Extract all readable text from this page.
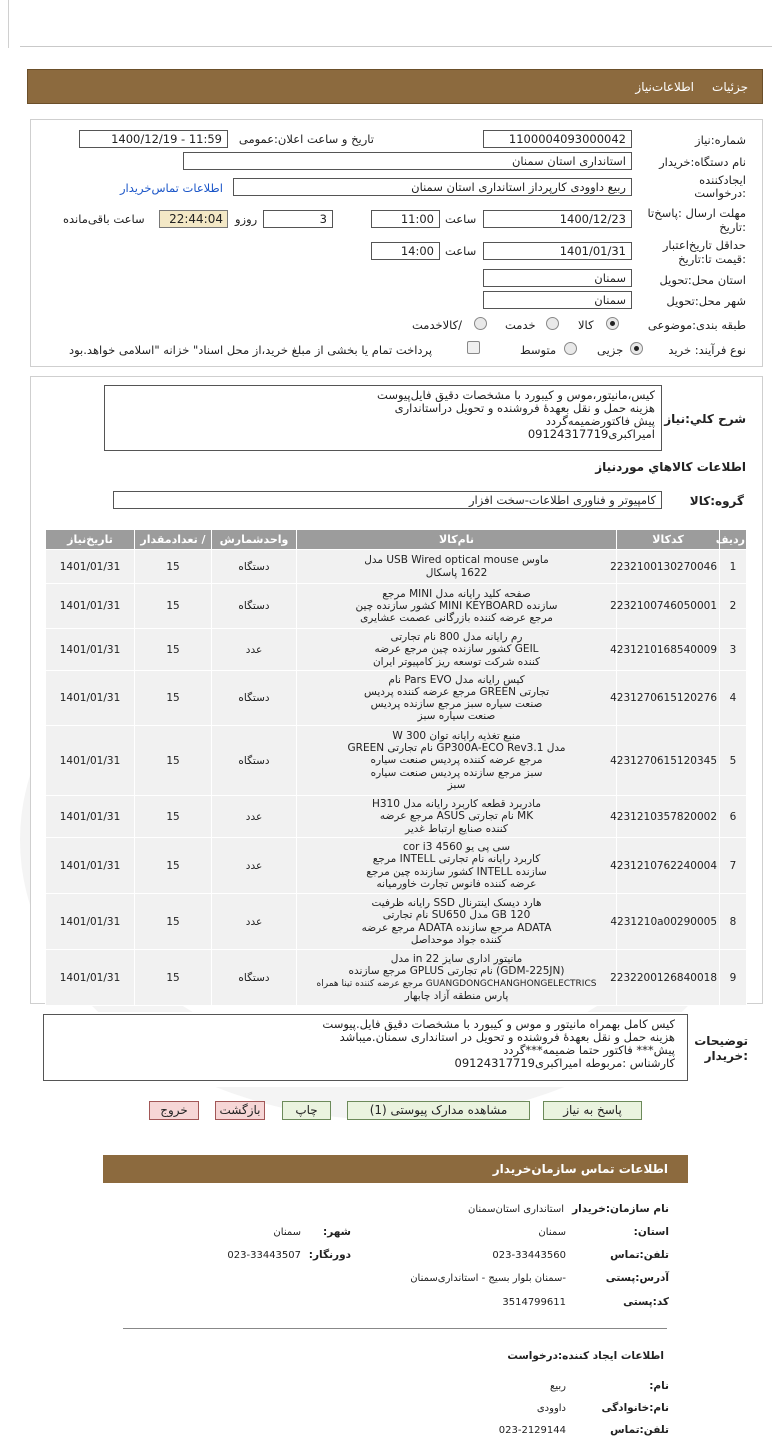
جزئیات
اطلاعات‌نیاز
شماره:نیاز
1100004093000042
تاریخ و ساعت اعلان:عمومی
1400/12/19 - 11:59
نام دستگاه:خریدار
استانداری استان سمنان
ایجادکننده
:درخواست
ربیع داوودی کارپرداز استانداری استان سمنان
اطلاعات تماس‌خریدار
مهلت ارسال :پاسخ‌تا
:تاریخ
1400/12/23
ساعت
11:00
3
روزو
22:44:04
ساعت باقی‌مانده
حداقل تاریخ‌اعتبار
:قیمت تا:تاریخ
1401/01/31
ساعت
14:00
استان محل:تحویل
سمنان
شهر محل:تحویل
سمنان
طبقه بندی:موضوعی
کالا
خدمت
/کالاخدمت
نوع فرآیند: خرید
جزیی
متوسط
پرداخت تمام یا بخشی از مبلغ خرید،از محل اسناد" خزانه "اسلامی خواهد.بود
شرح کلي:نياز
کیس،مانیتور،موس و کیبورد با مشخصات دقیق فایل‌پیوست
هزینه حمل و نقل بعهدۀ فروشنده و تحویل دراستانداری
پیش فاکتورضمیمه‌گردد
امیراکبری09124317719
اطلاعات کالاهاي موردنياز
گروه:کالا
کامپیوتر و فناوری اطلاعات-سخت افزار
ردیف	کدکالا	نام‌کالا	واحدشمارش	/ تعدادمقدار	تاریخ‌نیاز
1	2232100130270046	ماوس USB Wired optical mouse مدل
1622 پاسکال	دستگاه	15	1401/01/31
2	2232100746050001	صفحه کلید رایانه مدل MINI مرجع
سازنده MINI KEYBOARD کشور سازنده چین
مرجع عرضه کننده بازرگانی عصمت عشایری	دستگاه	15	1401/01/31
3	4231210168540009	رم رایانه مدل 800 نام تجارتی
GEIL کشور سازنده چین مرجع عرضه
کننده شرکت توسعه ریز کامپیوتر ایران	عدد	15	1401/01/31
4	4231270615120276	کیس رایانه مدل Pars EVO نام
تجارتی GREEN مرجع عرضه کننده پردیس
صنعت سیاره سبز مرجع سازنده پردیس
صنعت سیاره سبز	دستگاه	15	1401/01/31
5	4231270615120345	منبع تغذیه رایانه توان 300 W
مدل GP300A-ECO Rev3.1 نام تجارتی GREEN
مرجع عرضه کننده پردیس صنعت سیاره
سبز مرجع سازنده پردیس صنعت سیاره
سبز	دستگاه	15	1401/01/31
6	4231210357820002	مادربرد قطعه کاربرد رایانه مدل H310
MK نام تجارتی ASUS مرجع عرضه
کننده صنایع ارتباط غدیر	عدد	15	1401/01/31
7	4231210762240004	سی پی یو cor i3 4560
کاربرد رایانه نام تجارتی INTELL مرجع
سازنده INTELL کشور سازنده چین مرجع
عرضه کننده فانوس تجارت خاورمیانه	عدد	15	1401/01/31
8	4231210a00290005	هارد دیسک اینترنال SSD رایانه ظرفیت
GB 120 مدل SU650 نام تجارتی
ADATA مرجع سازنده ADATA مرجع عرضه
کننده جواد موحداصل	عدد	15	1401/01/31
9	2232200126840018	مانیتور اداری سایز 22 in مدل
(GDM-225JN) نام تجارتی GPLUS مرجع سازنده
GUANGDONGCHANGHONGELECTRICS مرجع عرضه کننده تینا همراه
پارس منطقه آزاد چابهار	دستگاه	15	1401/01/31
توضیحات
:خریدار
کیس کامل بهمراه مانیتور و موس و کیبورد با مشخصات دقیق فایل.پیوست
هزینه حمل و نقل بعهدۀ فروشنده و تحویل در استانداری سمنان.میباشد
پیش*** فاکتور حتما ضمیمه***گردد
کارشناس :مربوطه امیراکبری09124317719
پاسخ به نیاز
مشاهده مدارک پیوستی (1)
چاپ
بازگشت
خروج
اطلاعات تماس سازمان‌خریدار
نام سازمان:خریدار
استانداری استان‌سمنان
استان:
سمنان
شهر:
سمنان
تلفن:تماس
023-33443560
دورنگار:
023-33443507
آدرس:پستی
-سمنان بلوار بسیج - استانداری‌سمنان
کد:پستی
3514799611
اطلاعات ایجاد کننده:درخواست
نام:
ربیع
نام:خانوادگی
داوودی
تلفن:تماس
023-2129144
